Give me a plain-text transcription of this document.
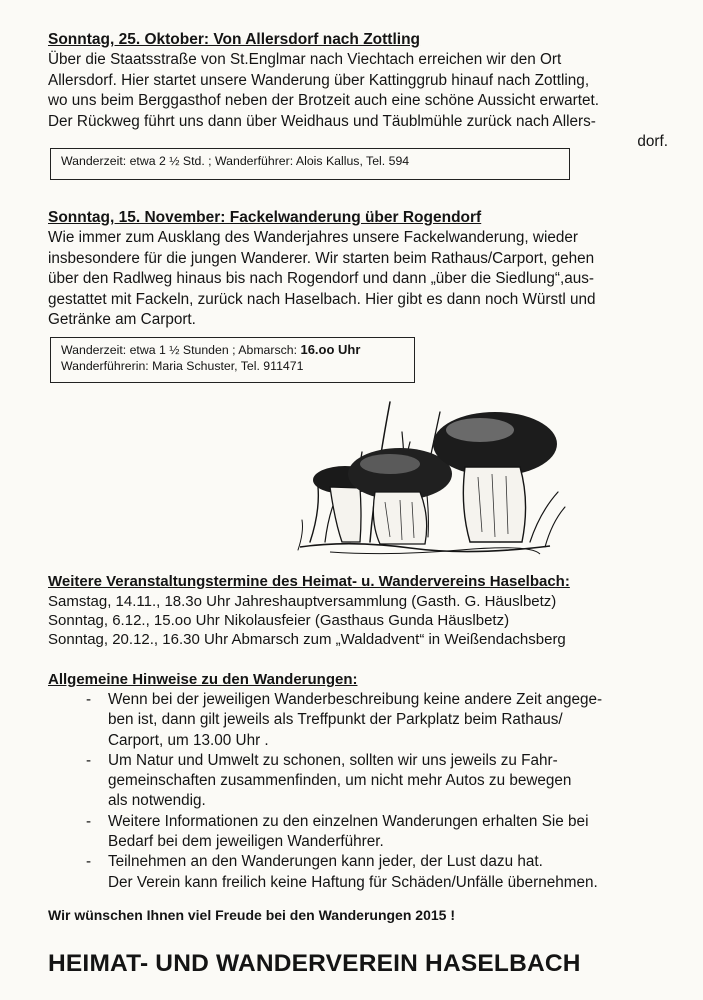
Sonntag, 25. Oktober: Von Allersdorf nach Zottling

Über die Staatsstraße von St.Englmar nach Viechtach erreichen wir den Ort
Allersdorf. Hier startet unsere Wanderung über Kattinggrub hinauf nach Zottling,
wo uns beim Berggasthof neben der Brotzeit auch eine schöne Aussicht erwartet.
Der Rückweg führt uns dann über Weidhaus und Täublmühle zurück nach Allers-
dorf.

Wanderzeit: etwa 2 ½ Std. ; Wanderführer: Alois Kallus, Tel. 594

Sonntag, 15. November: Fackelwanderung über Rogendorf

Wie immer zum Ausklang des Wanderjahres unsere Fackelwanderung, wieder
insbesondere für die jungen Wanderer. Wir starten beim Rathaus/Carport, gehen
über den Radlweg hinaus bis nach Rogendorf und dann „über die Siedlung“,aus-
gestattet mit Fackeln, zurück nach Haselbach. Hier gibt es dann noch Würstl und
Getränke am Carport.

Wanderzeit: etwa 1 ½ Stunden ; Abmarsch: 16.oo Uhr
Wanderführerin: Maria Schuster, Tel. 911471

Weitere Veranstaltungstermine des Heimat- u. Wandervereins Haselbach:

Samstag, 14.11., 18.3o Uhr Jahreshauptversammlung (Gasth. G. Häuslbetz)
Sonntag, 6.12., 15.oo Uhr Nikolausfeier (Gasthaus Gunda Häuslbetz)
Sonntag, 20.12., 16.30 Uhr Abmarsch zum „Waldadvent“ in Weißendachsberg

Allgemeine Hinweise zu den Wanderungen:

- Wenn bei der jeweiligen Wanderbeschreibung keine andere Zeit angege-
ben ist, dann gilt jeweils als Treffpunkt der Parkplatz beim Rathaus/
Carport, um 13.00 Uhr .
- Um Natur und Umwelt zu schonen, sollten wir uns jeweils zu Fahr-
gemeinschaften zusammenfinden, um nicht mehr Autos zu bewegen
als notwendig.
- Weitere Informationen zu den einzelnen Wanderungen erhalten Sie bei
Bedarf bei dem jeweiligen Wanderführer.
- Teilnehmen an den Wanderungen kann jeder, der Lust dazu hat.
Der Verein kann freilich keine Haftung für Schäden/Unfälle übernehmen.
Wir wünschen Ihnen viel Freude bei den Wanderungen 2015 !
HEIMAT- UND WANDERVEREIN HASELBACH
